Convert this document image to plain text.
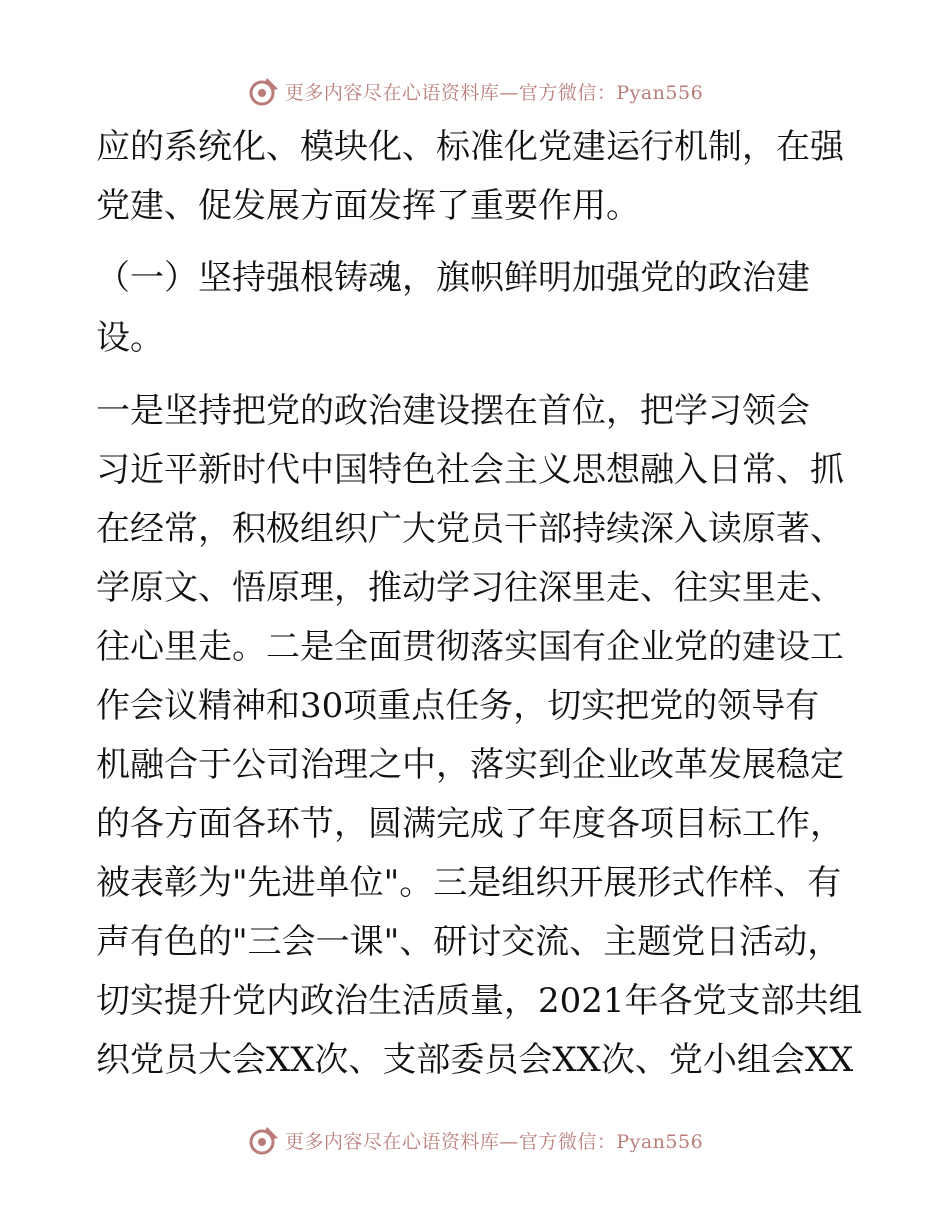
更多内容尽在心语资料库—官方微信：Pyan556
应的系统化、模块化、标准化党建运行机制，在强
党建、促发展方面发挥了重要作用。
（一）坚持强根铸魂，旗帜鲜明加强党的政治建
设。
一是坚持把党的政治建设摆在首位，把学习领会
习近平新时代中国特色社会主义思想融入日常、抓
在经常，积极组织广大党员干部持续深入读原著、
学原文、悟原理，推动学习往深里走、往实里走、
往心里走。二是全面贯彻落实国有企业党的建设工
作会议精神和30项重点任务，切实把党的领导有
机融合于公司治理之中，落实到企业改革发展稳定
的各方面各环节，圆满完成了年度各项目标工作，
被表彰为"先进单位"。三是组织开展形式作样、有
声有色的"三会一课"、研讨交流、主题党日活动，
切实提升党内政治生活质量，2021年各党支部共组
织党员大会XX次、支部委员会XX次、党小组会XX
更多内容尽在心语资料库—官方微信：Pyan556
